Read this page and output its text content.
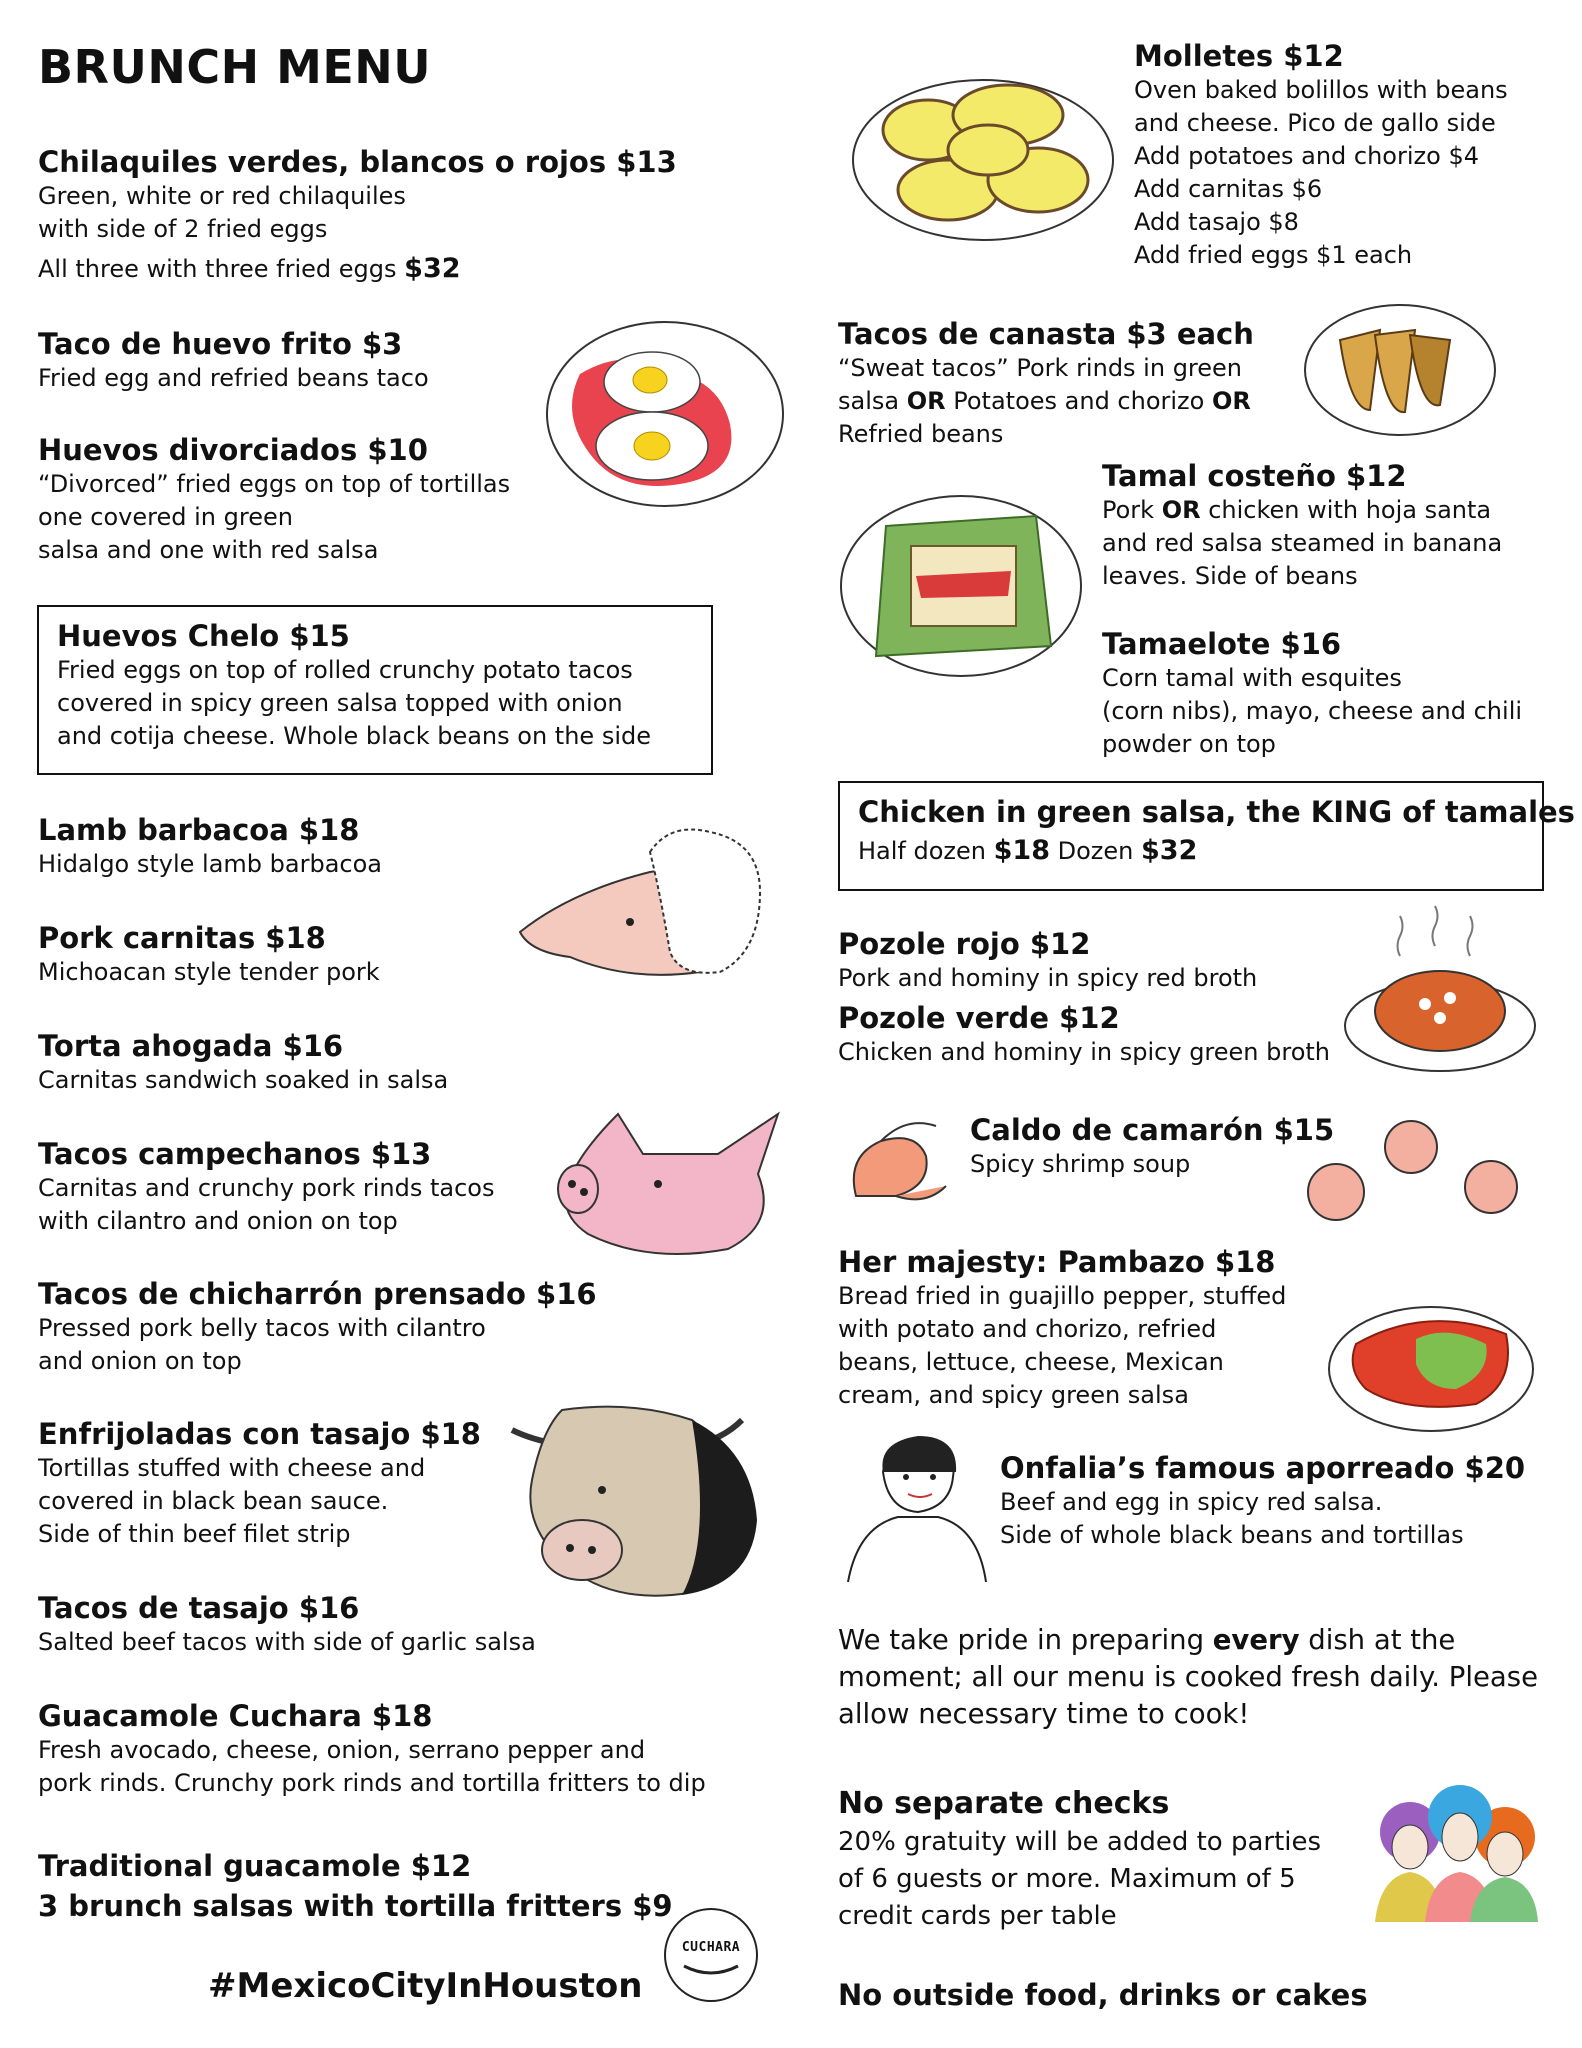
BRUNCH MENU
Chilaquiles verdes, blancos o rojos $13
Green, white or red chilaquiles
with side of 2 fried eggs
All three with three fried eggs $32
Taco de huevo frito $3
Fried egg and refried beans taco
Huevos divorciados $10
“Divorced” fried eggs on top of tortillas
one covered in green
salsa and one with red salsa
Huevos Chelo $15
Fried eggs on top of rolled crunchy potato tacos
covered in spicy green salsa topped with onion
and cotija cheese. Whole black beans on the side
Lamb barbacoa $18
Hidalgo style lamb barbacoa
Pork carnitas $18
Michoacan style tender pork
Torta ahogada $16
Carnitas sandwich soaked in salsa
Tacos campechanos $13
Carnitas and crunchy pork rinds tacos
with cilantro and onion on top
Tacos de chicharrón prensado $16
Pressed pork belly tacos with cilantro
and onion on top
Enfrijoladas con tasajo $18
Tortillas stuffed with cheese and
covered in black bean sauce.
Side of thin beef filet strip
Tacos de tasajo $16
Salted beef tacos with side of garlic salsa
Guacamole Cuchara $18
Fresh avocado, cheese, onion, serrano pepper and
pork rinds. Crunchy pork rinds and tortilla fritters to dip
Traditional guacamole $12
3 brunch salsas with tortilla fritters $9
#MexicoCityInHouston
CUCHARA
Molletes $12
Oven baked bolillos with beans
and cheese. Pico de gallo side
Add potatoes and chorizo $4
Add carnitas $6
Add tasajo $8
Add fried eggs $1 each
Tacos de canasta $3 each
“Sweat tacos” Pork rinds in green
salsa OR Potatoes and chorizo OR
Refried beans
Tamal costeño $12
Pork OR chicken with hoja santa
and red salsa steamed in banana
leaves. Side of beans
Tamaelote $16
Corn tamal with esquites
(corn nibs), mayo, cheese and chili
powder on top
Chicken in green salsa, the KING of tamales
Half dozen $18 Dozen $32
Pozole rojo $12
Pork and hominy in spicy red broth
Pozole verde $12
Chicken and hominy in spicy green broth
Caldo de camarón $15
Spicy shrimp soup
Her majesty: Pambazo $18
Bread fried in guajillo pepper, stuffed
with potato and chorizo, refried
beans, lettuce, cheese, Mexican
cream, and spicy green salsa
Onfalia’s famous aporreado $20
Beef and egg in spicy red salsa.
Side of whole black beans and tortillas
We take pride in preparing every dish at the
moment; all our menu is cooked fresh daily. Please
allow necessary time to cook!
No separate checks
20% gratuity will be added to parties
of 6 guests or more. Maximum of 5
credit cards per table
No outside food, drinks or cakes
